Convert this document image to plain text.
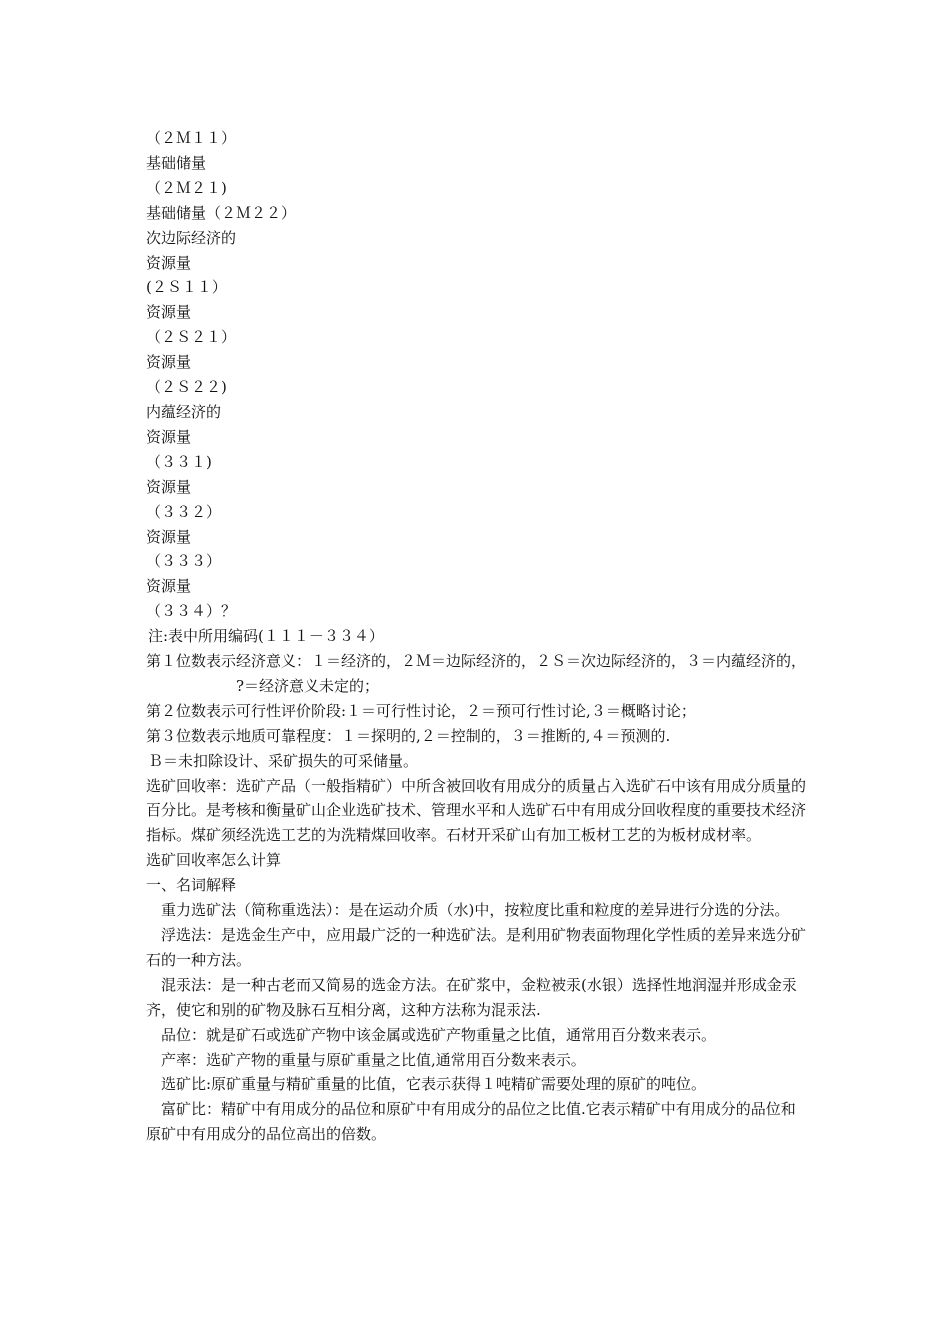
（２Ｍ１１）

基础储量

（２Ｍ２１)

基础储量（２Ｍ２２）

次边际经济的

资源量

(２Ｓ１１）

资源量

（２Ｓ２１）

资源量

（２Ｓ２２)

内蕴经济的

资源量

（３３１)

资源量

（３３２）

资源量

（３３３）

资源量

（３３４）？

注:表中所用编码(１１１－３３４）

第１位数表示经济意义：１＝经济的，２Ｍ＝边际经济的，２Ｓ＝次边际经济的，３＝内蕴经济的，

?＝经济意义未定的；

第２位数表示可行性评价阶段:１＝可行性讨论，２＝预可行性讨论,３＝概略讨论；

第３位数表示地质可靠程度：１＝探明的,２＝控制的，３＝推断的,４＝预测的.

Ｂ＝未扣除设计、采矿损失的可采储量。

选矿回收率：选矿产品（一般指精矿）中所含被回收有用成分的质量占入选矿石中该有用成分质量的百分比。是考核和衡量矿山企业选矿技术、管理水平和人选矿石中有用成分回收程度的重要技术经济指标。煤矿须经洗选工艺的为洗精煤回收率。石材开采矿山有加工板材工艺的为板材成材率。

选矿回收率怎么计算

一、名词解释

重力选矿法（简称重选法）：是在运动介质（水)中，按粒度比重和粒度的差异进行分选的分法。

浮选法：是选金生产中，应用最广泛的一种选矿法。是利用矿物表面物理化学性质的差异来选分矿石的一种方法。

混汞法：是一种古老而又简易的选金方法。在矿浆中，金粒被汞(水银）选择性地润湿并形成金汞齐，使它和别的矿物及脉石互相分离，这种方法称为混汞法.

品位：就是矿石或选矿产物中该金属或选矿产物重量之比值，通常用百分数来表示。

产率：选矿产物的重量与原矿重量之比值,通常用百分数来表示。

选矿比:原矿重量与精矿重量的比值，它表示获得１吨精矿需要处理的原矿的吨位。

富矿比：精矿中有用成分的品位和原矿中有用成分的品位之比值.它表示精矿中有用成分的品位和原矿中有用成分的品位高出的倍数。
